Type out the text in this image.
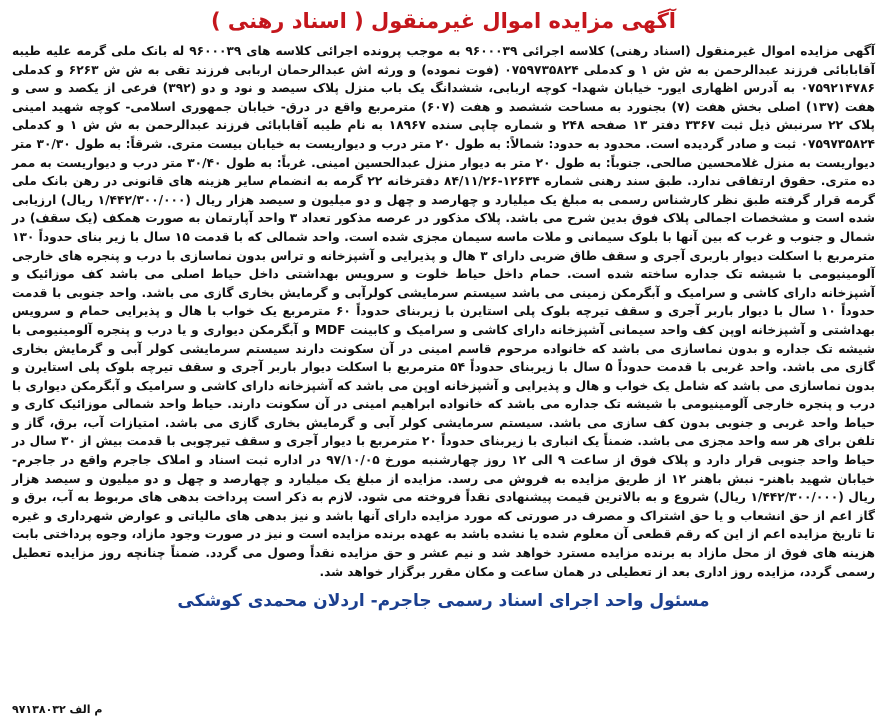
آگهی مزایده اموال غیرمنقول ( اسناد رهنی )

آگهی مزایده اموال غیرمنقول (اسناد رهنی) کلاسه اجرائی ۹۶۰۰۰۳۹ به موجب پرونده اجرائی کلاسه های ۹۶۰۰۰۳۹ له بانک ملی گرمه علیه طیبه آقابابائی فرزند عبدالرحمن به ش ش ۱ و کدملی ۰۷۵۹۷۳۵۸۲۴ (فوت نموده) و ورثه اش عبدالرحمان اربابی فرزند تقی به ش ش ۶۲۶۳ و کدملی ۰۷۵۹۲۱۴۷۸۶ به آدرس اظهاری ایور- خیابان شهدا- کوچه اربابی، ششدانگ یک باب منزل پلاک سیصد و نود و دو (۳۹۲) فرعی از یکصد و سی و هفت (۱۳۷) اصلی بخش هفت (۷) بجنورد به مساحت ششصد و هفت (۶۰۷) مترمربع واقع در درق- خیابان جمهوری اسلامی- کوچه شهید امینی پلاک ۲۲ سرنبش ذیل ثبت ۳۳۶۷ دفتر ۱۳ صفحه ۲۴۸ و شماره چاپی سنده ۱۸۹۶۷ به نام طیبه آقابابائی فرزند عبدالرحمن به ش ش ۱ و کدملی ۰۷۵۹۷۳۵۸۲۴ ثبت و صادر گردیده است. محدود به حدود: شمالاً: به طول ۲۰ متر درب و دیواریست به خیابان بیست متری. شرقاً: به طول ۳۰/۳۰ متر دیواریست به منزل غلامحسین صالحی. جنوباً: به طول ۲۰ متر به دیوار منزل عبدالحسین امینی. غرباً: به طول ۳۰/۴۰ متر درب و دیواریست به ممر ده متری. حقوق ارتفاقی ندارد. طبق سند رهنی شماره ۱۲۶۳۴-۸۴/۱۱/۲۶ دفترخانه ۲۲ گرمه به انضمام سایر هزینه های قانونی در رهن بانک ملی گرمه قرار گرفته طبق نظر کارشناس رسمی به مبلغ یک میلیارد و چهارصد و چهل و دو میلیون و سیصد هزار ریال (۱/۴۴۲/۳۰۰/۰۰۰ ریال) ارزیابی شده است و مشخصات اجمالی پلاک فوق بدین شرح می باشد. پلاک مذکور در عرصه مذکور تعداد ۳ واحد آپارتمان به صورت همکف (یک سقف) در شمال و جنوب و غرب که بین آنها با بلوک سیمانی و ملات ماسه سیمان مجزی شده است. واحد شمالی که با قدمت ۱۵ سال با زیر بنای حدوداً ۱۳۰ مترمربع با اسکلت دیوار باربری آجری و سقف طاق ضربی دارای ۳ هال و پذیرایی و آشپزخانه و تراس بدون نماسازی با درب و پنجره های خارجی آلومینیومی با شیشه تک جداره ساخته شده است. حمام داخل حیاط خلوت و سرویس بهداشتی داخل حیاط اصلی می باشد کف موزائیک و آشپزخانه دارای کاشی و سرامیک و آبگرمکن زمینی می باشد سیستم سرمایشی کولرآبی و گرمایش بخاری گازی می باشد. واحد جنوبی با قدمت حدوداً ۱۰ سال با دیوار باربر آجری و سقف تیرچه بلوک پلی استایرن با زیربنای حدوداً ۶۰ مترمربع یک خواب با هال و پذیرایی حمام و سرویس بهداشتی و آشپزخانه اوپن کف واحد سیمانی آشپزخانه دارای کاشی و سرامیک و کابینت MDF و آبگرمکن دیواری و یا درب و پنجره آلومینیومی با شیشه تک جداره و بدون نماسازی می باشد که خانواده مرحوم قاسم امینی در آن سکونت دارند سیستم سرمایشی کولر آبی و گرمایش بخاری گازی می باشد. واحد غربی با قدمت حدوداً ۵ سال با زیربنای حدوداً ۵۴ مترمربع با اسکلت دیوار باربر آجری و سقف تیرچه بلوک پلی استایرن و بدون نماسازی می باشد که شامل یک خواب و هال و پذیرایی و آشپزخانه اوپن می باشد که آشپزخانه دارای کاشی و سرامیک و آبگرمکن دیواری با درب و پنجره خارجی آلومینیومی با شیشه تک جداره می باشد که خانواده ابراهیم امینی در آن سکونت دارند. حیاط واحد شمالی موزائیک کاری و حیاط واحد غربی و جنوبی بدون کف سازی می باشد. سیستم سرمایشی کولر آبی و گرمایش بخاری گازی می باشد. امتیازات آب، برق، گاز و تلفن برای هر سه واحد مجزی می باشد. ضمناً یک انباری با زیربنای حدوداً ۲۰ مترمربع با دیوار آجری و سقف تیرچوبی با قدمت بیش از ۳۰ سال در حیاط واحد جنوبی قرار دارد و پلاک فوق از ساعت ۹ الی ۱۲ روز چهارشنبه مورخ ۹۷/۱۰/۰۵ در اداره ثبت اسناد و املاک جاجرم واقع در جاجرم- خیابان شهید باهنر- نبش باهنر ۱۲ از طریق مزایده به فروش می رسد. مزایده از مبلغ یک میلیارد و چهارصد و چهل و دو میلیون و سیصد هزار ریال (۱/۴۴۲/۳۰۰/۰۰۰ ریال) شروع و به بالاترین قیمت پیشنهادی نقداً فروخته می شود. لازم به ذکر است پرداخت بدهی های مربوط به آب، برق و گاز اعم از حق انشعاب و یا حق اشتراک و مصرف در صورتی که مورد مزایده دارای آنها باشد و نیز بدهی های مالیاتی و عوارض شهرداری و غیره تا تاریخ مزایده اعم از این که رقم قطعی آن معلوم شده یا نشده باشد به عهده برنده مزایده است و نیز در صورت وجود مازاد، وجوه پرداختی بابت هزینه های فوق از محل مازاد به برنده مزایده مسترد خواهد شد و نیم عشر و حق مزایده نقداً وصول می گردد. ضمناً چنانچه روز مزایده تعطیل رسمی گردد، مزایده روز اداری بعد از تعطیلی در همان ساعت و مکان مقرر برگزار خواهد شد.

مسئول واحد اجرای اسناد رسمی جاجرم- اردلان محمدی کوشکی
م الف ۹۷۱۳۸۰۳۲
